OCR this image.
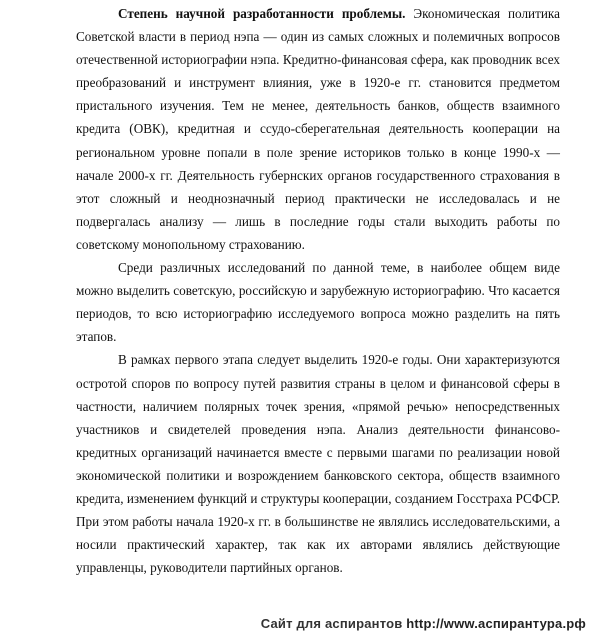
Степень научной разработанности проблемы. Экономическая политика Советской власти в период нэпа — один из самых сложных и полемичных вопросов отечественной историографии нэпа. Кредитно-финансовая сфера, как проводник всех преобразований и инструмент влияния, уже в 1920-е гг. становится предметом пристального изучения. Тем не менее, деятельность банков, обществ взаимного кредита (ОВК), кредитная и ссудо-сберегательная деятельность кооперации на региональном уровне попали в поле зрение историков только в конце 1990-х — начале 2000-х гг. Деятельность губернских органов государственного страхования в этот сложный и неоднозначный период практически не исследовалась и не подвергалась анализу — лишь в последние годы стали выходить работы по советскому монопольному страхованию.

Среди различных исследований по данной теме, в наиболее общем виде можно выделить советскую, российскую и зарубежную историографию. Что касается периодов, то всю историографию исследуемого вопроса можно разделить на пять этапов.

В рамках первого этапа следует выделить 1920-е годы. Они характеризуются остротой споров по вопросу путей развития страны в целом и финансовой сферы в частности, наличием полярных точек зрения, «прямой речью» непосредственных участников и свидетелей проведения нэпа. Анализ деятельности финансово-кредитных организаций начинается вместе с первыми шагами по реализации новой экономической политики и возрождением банковского сектора, обществ взаимного кредита, изменением функций и структуры кооперации, созданием Госстраха РСФСР. При этом работы начала 1920-х гг. в большинстве не являлись исследовательскими, а носили практический характер, так как их авторами являлись действующие управленцы, руководители партийных органов.

Сайт для аспирантов http://www.аспирантура.рф
